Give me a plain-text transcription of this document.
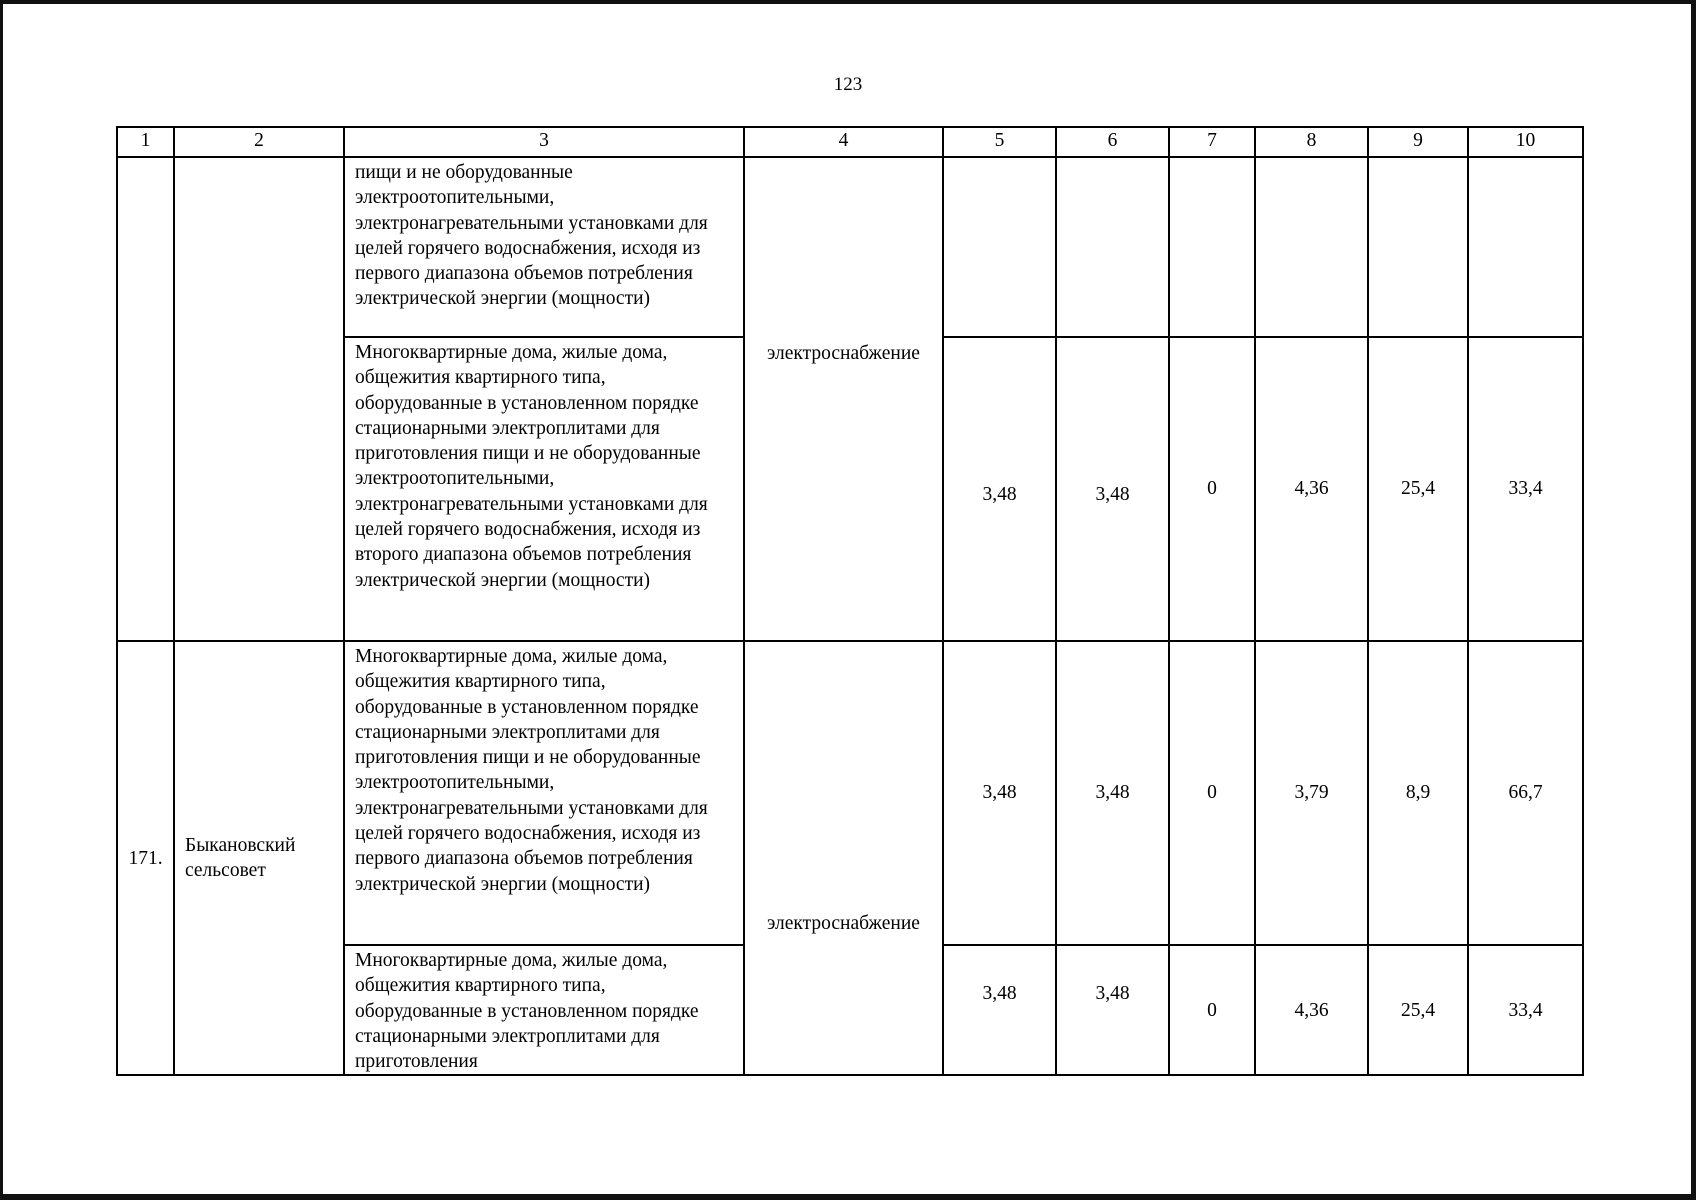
123
1	2	3	4	5	6	7	8	9	10
		пищи и не оборудованные электроотопительными, электронагревательными установками для целей горячего водоснабжения, исходя из первого диапазона объемов потребления электрической энергии (мощности)	электроснабжение						
		Многоквартирные дома, жилые дома, общежития квартирного типа, оборудованные в установленном порядке стационарными электроплитами для приготовления пищи и не оборудованные электроотопительными, электронагревательными установками для целей горячего водоснабжения, исходя из второго диапазона объемов потребления электрической энергии (мощности)		3,48	3,48	0	4,36	25,4	33,4
171.	Быкановский сельсовет	Многоквартирные дома, жилые дома, общежития квартирного типа, оборудованные в установленном порядке стационарными электроплитами для приготовления пищи и не оборудованные электроотопительными, электронагревательными установками для целей горячего водоснабжения, исходя из первого диапазона объемов потребления электрической энергии (мощности)	электроснабжение	3,48	3,48	0	3,79	8,9	66,7
		Многоквартирные дома, жилые дома, общежития квартирного типа, оборудованные в установленном порядке стационарными электроплитами для приготовления		3,48	3,48	0	4,36	25,4	33,4
